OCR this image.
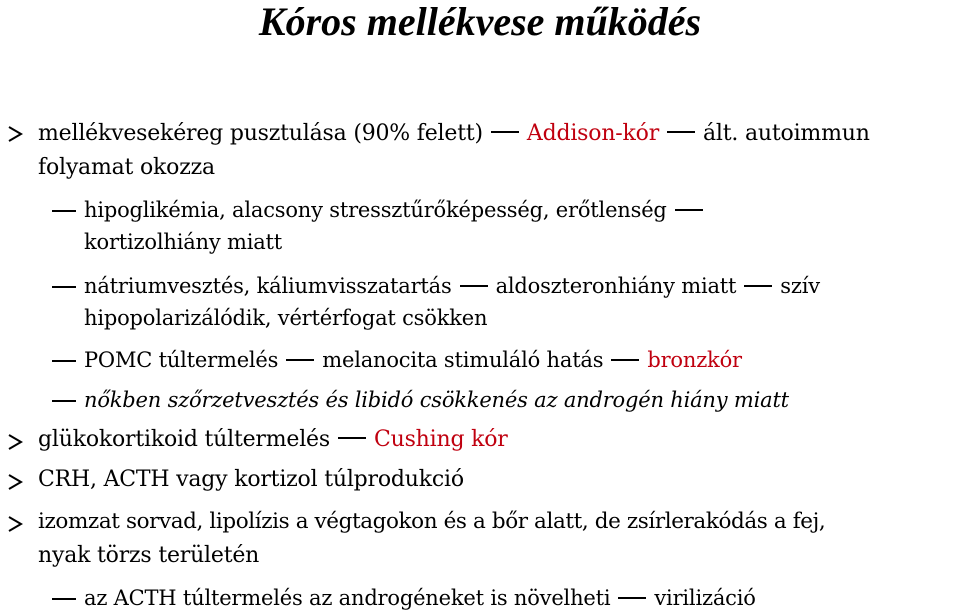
Kóros mellékvese működés
mellékvesekéreg pusztulása (90% felett) Addison-kór ált. autoimmun
folyamat okozza
hipoglikémia, alacsony stressztűrőképesség, erőtlenség
kortizolhiány miatt
nátriumvesztés, káliumvisszatartás aldoszteronhiány miatt szív
hipopolarizálódik, vértérfogat csökken
POMC túltermelés melanocita stimuláló hatás bronzkór
nőkben szőrzetvesztés és libidó csökkenés az androgén hiány miatt
glükokortikoid túltermelés Cushing kór
CRH, ACTH vagy kortizol túlprodukció
izomzat sorvad, lipolízis a végtagokon és a bőr alatt, de zsírlerakódás a fej,
nyak törzs területén
az ACTH túltermelés az androgéneket is növelheti virilizáció
